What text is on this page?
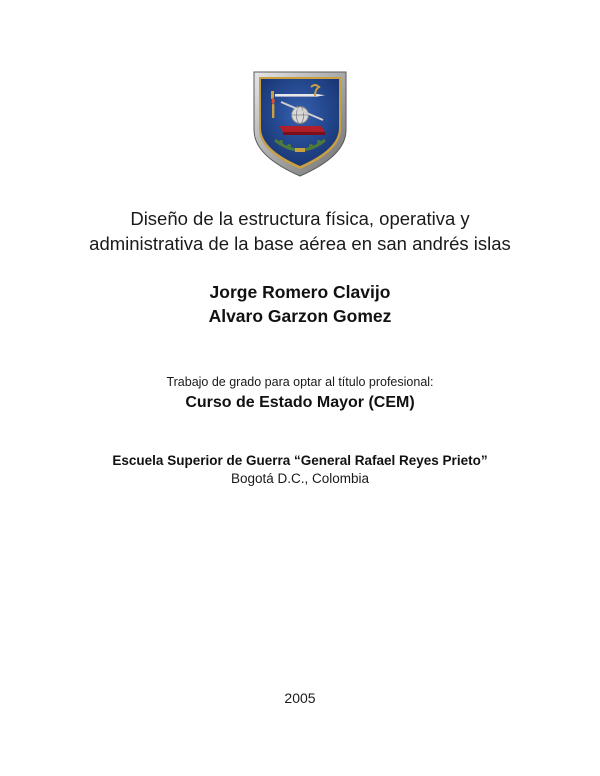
Diseño de la estructura física, operativa y
administrativa de la base aérea en san andrés islas
Jorge Romero Clavijo
Alvaro Garzon Gomez
Trabajo de grado para optar al título profesional:
Curso de Estado Mayor (CEM)
Escuela Superior de Guerra “General Rafael Reyes Prieto”
Bogotá D.C., Colombia
2005
